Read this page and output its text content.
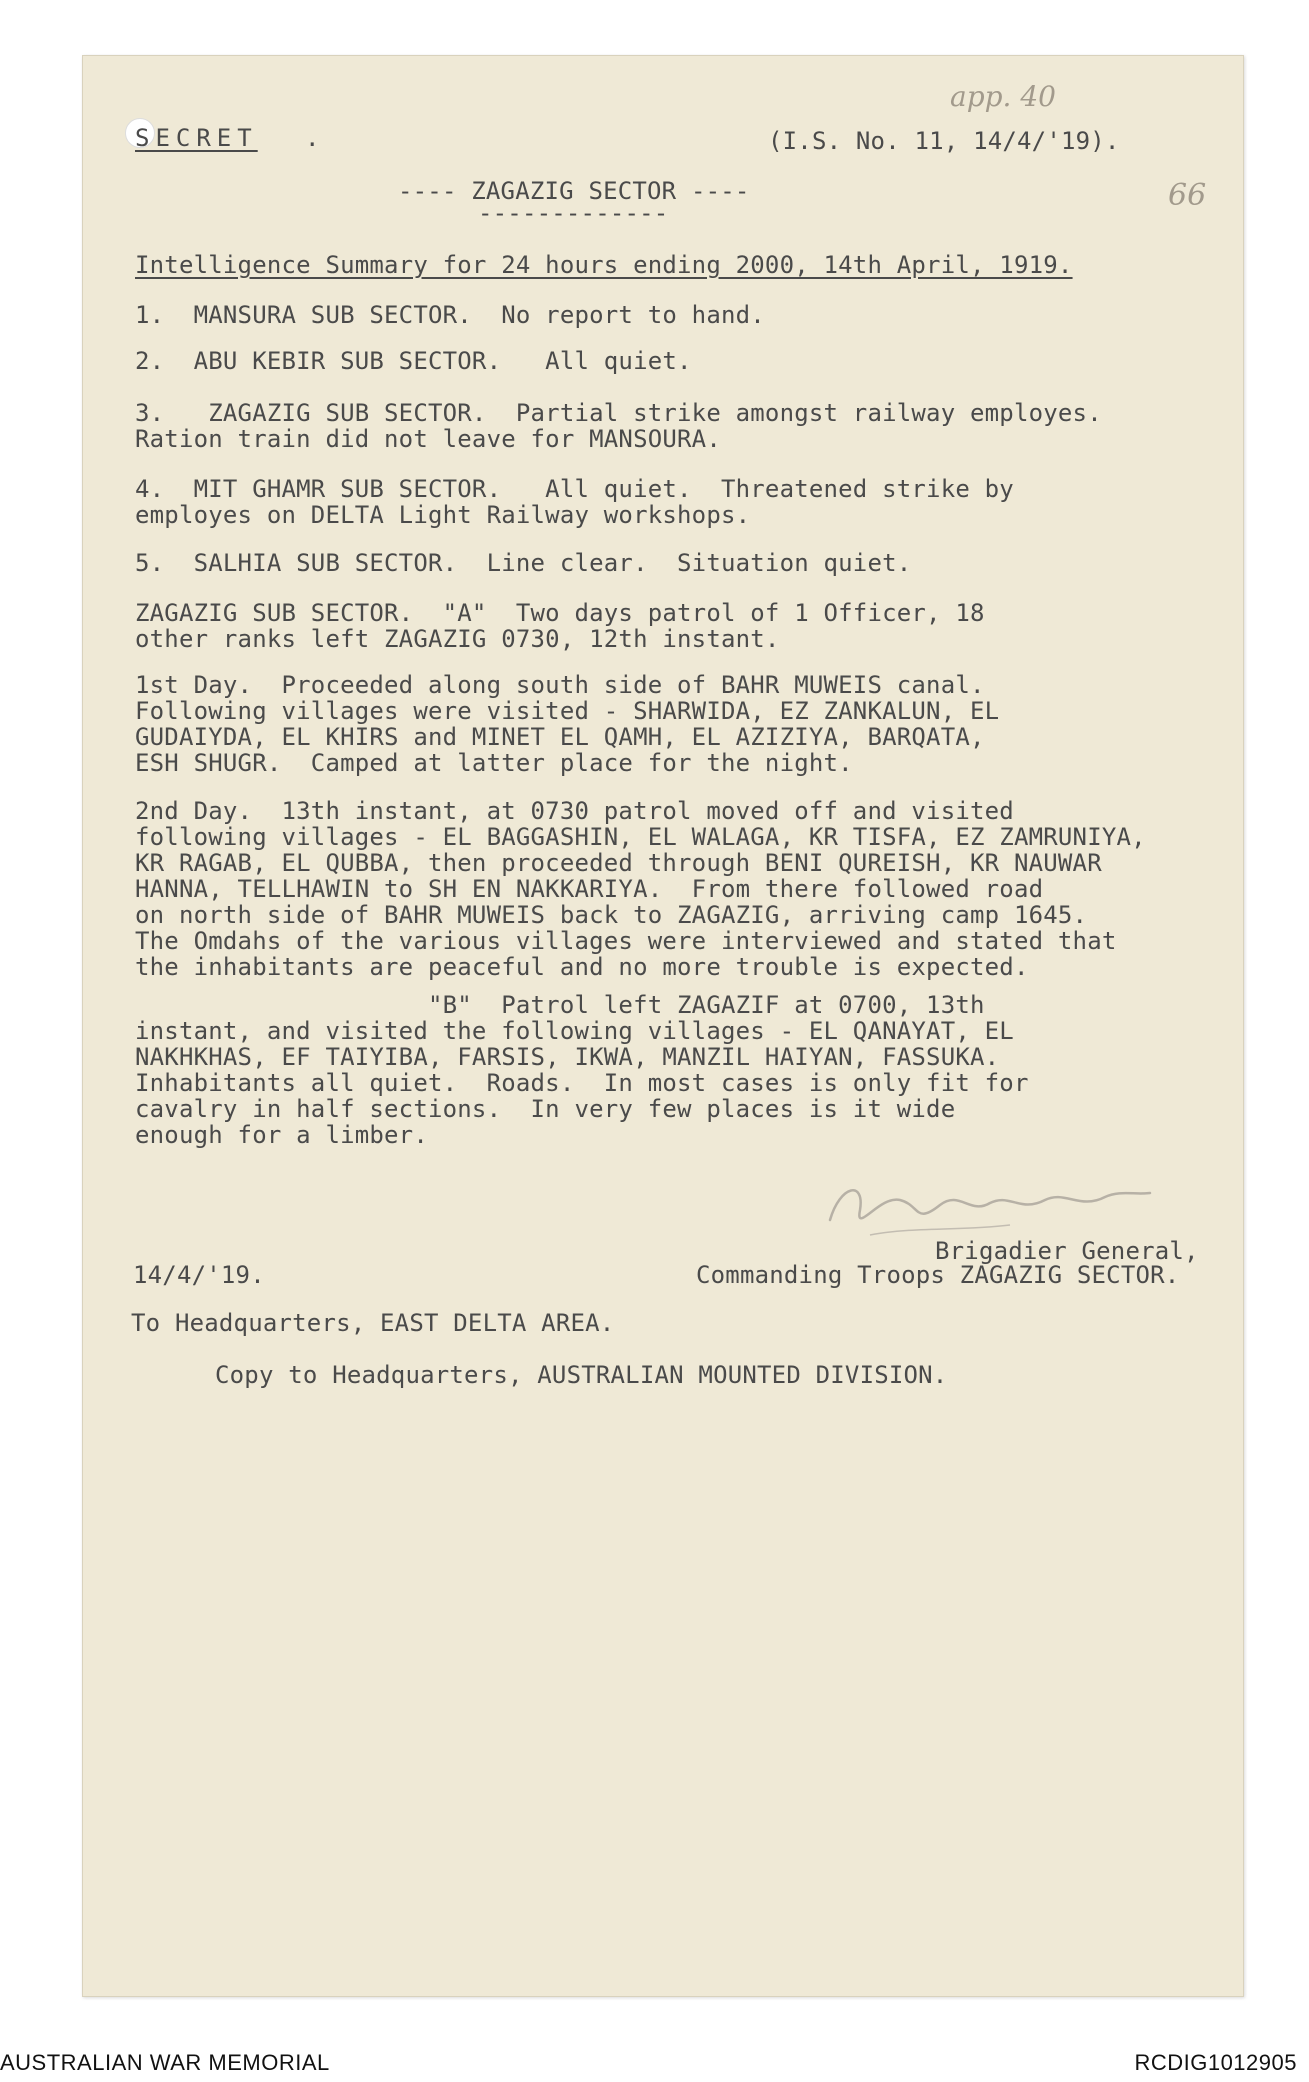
SECRET .	(I.S. No. 11, 14/4/'19).
app. 40
66
---- ZAGAZIG SECTOR ----
-------------
Intelligence Summary for 24 hours ending 2000, 14th April, 1919.
1.  MANSURA SUB SECTOR.  No report to hand.
2.  ABU KEBIR SUB SECTOR.   All quiet.
3.   ZAGAZIG SUB SECTOR.  Partial strike amongst railway employes.
Ration train did not leave for MANSOURA.
4.  MIT GHAMR SUB SECTOR.   All quiet.  Threatened strike by
employes on DELTA Light Railway workshops.
5.  SALHIA SUB SECTOR.  Line clear.  Situation quiet.
ZAGAZIG SUB SECTOR.  "A"  Two days patrol of 1 Officer, 18
other ranks left ZAGAZIG 0730, 12th instant.
1st Day.  Proceeded along south side of BAHR MUWEIS canal.
Following villages were visited - SHARWIDA, EZ ZANKALUN, EL
GUDAIYDA, EL KHIRS and MINET EL QAMH, EL AZIZIYA, BARQATA,
ESH SHUGR.  Camped at latter place for the night.
2nd Day.  13th instant, at 0730 patrol moved off and visited
following villages - EL BAGGASHIN, EL WALAGA, KR TISFA, EZ ZAMRUNIYA,
KR RAGAB, EL QUBBA, then proceeded through BENI QUREISH, KR NAUWAR
HANNA, TELLHAWIN to SH EN NAKKARIYA.  From there followed road
on north side of BAHR MUWEIS back to ZAGAZIG, arriving camp 1645.
The Omdahs of the various villages were interviewed and stated that
the inhabitants are peaceful and no more trouble is expected.
"B"  Patrol left ZAGAZIF at 0700, 13th
instant, and visited the following villages - EL QANAYAT, EL
NAKHKHAS, EF TAIYIBA, FARSIS, IKWA, MANZIL HAIYAN, FASSUKA.
Inhabitants all quiet.  Roads.  In most cases is only fit for
cavalry in half sections.  In very few places is it wide
enough for a limber.
Brigadier General,
Commanding Troops ZAGAZIG SECTOR.
14/4/'19.
To Headquarters, EAST DELTA AREA.
Copy to Headquarters, AUSTRALIAN MOUNTED DIVISION.
AUSTRALIAN WAR MEMORIAL	RCDIG1012905
